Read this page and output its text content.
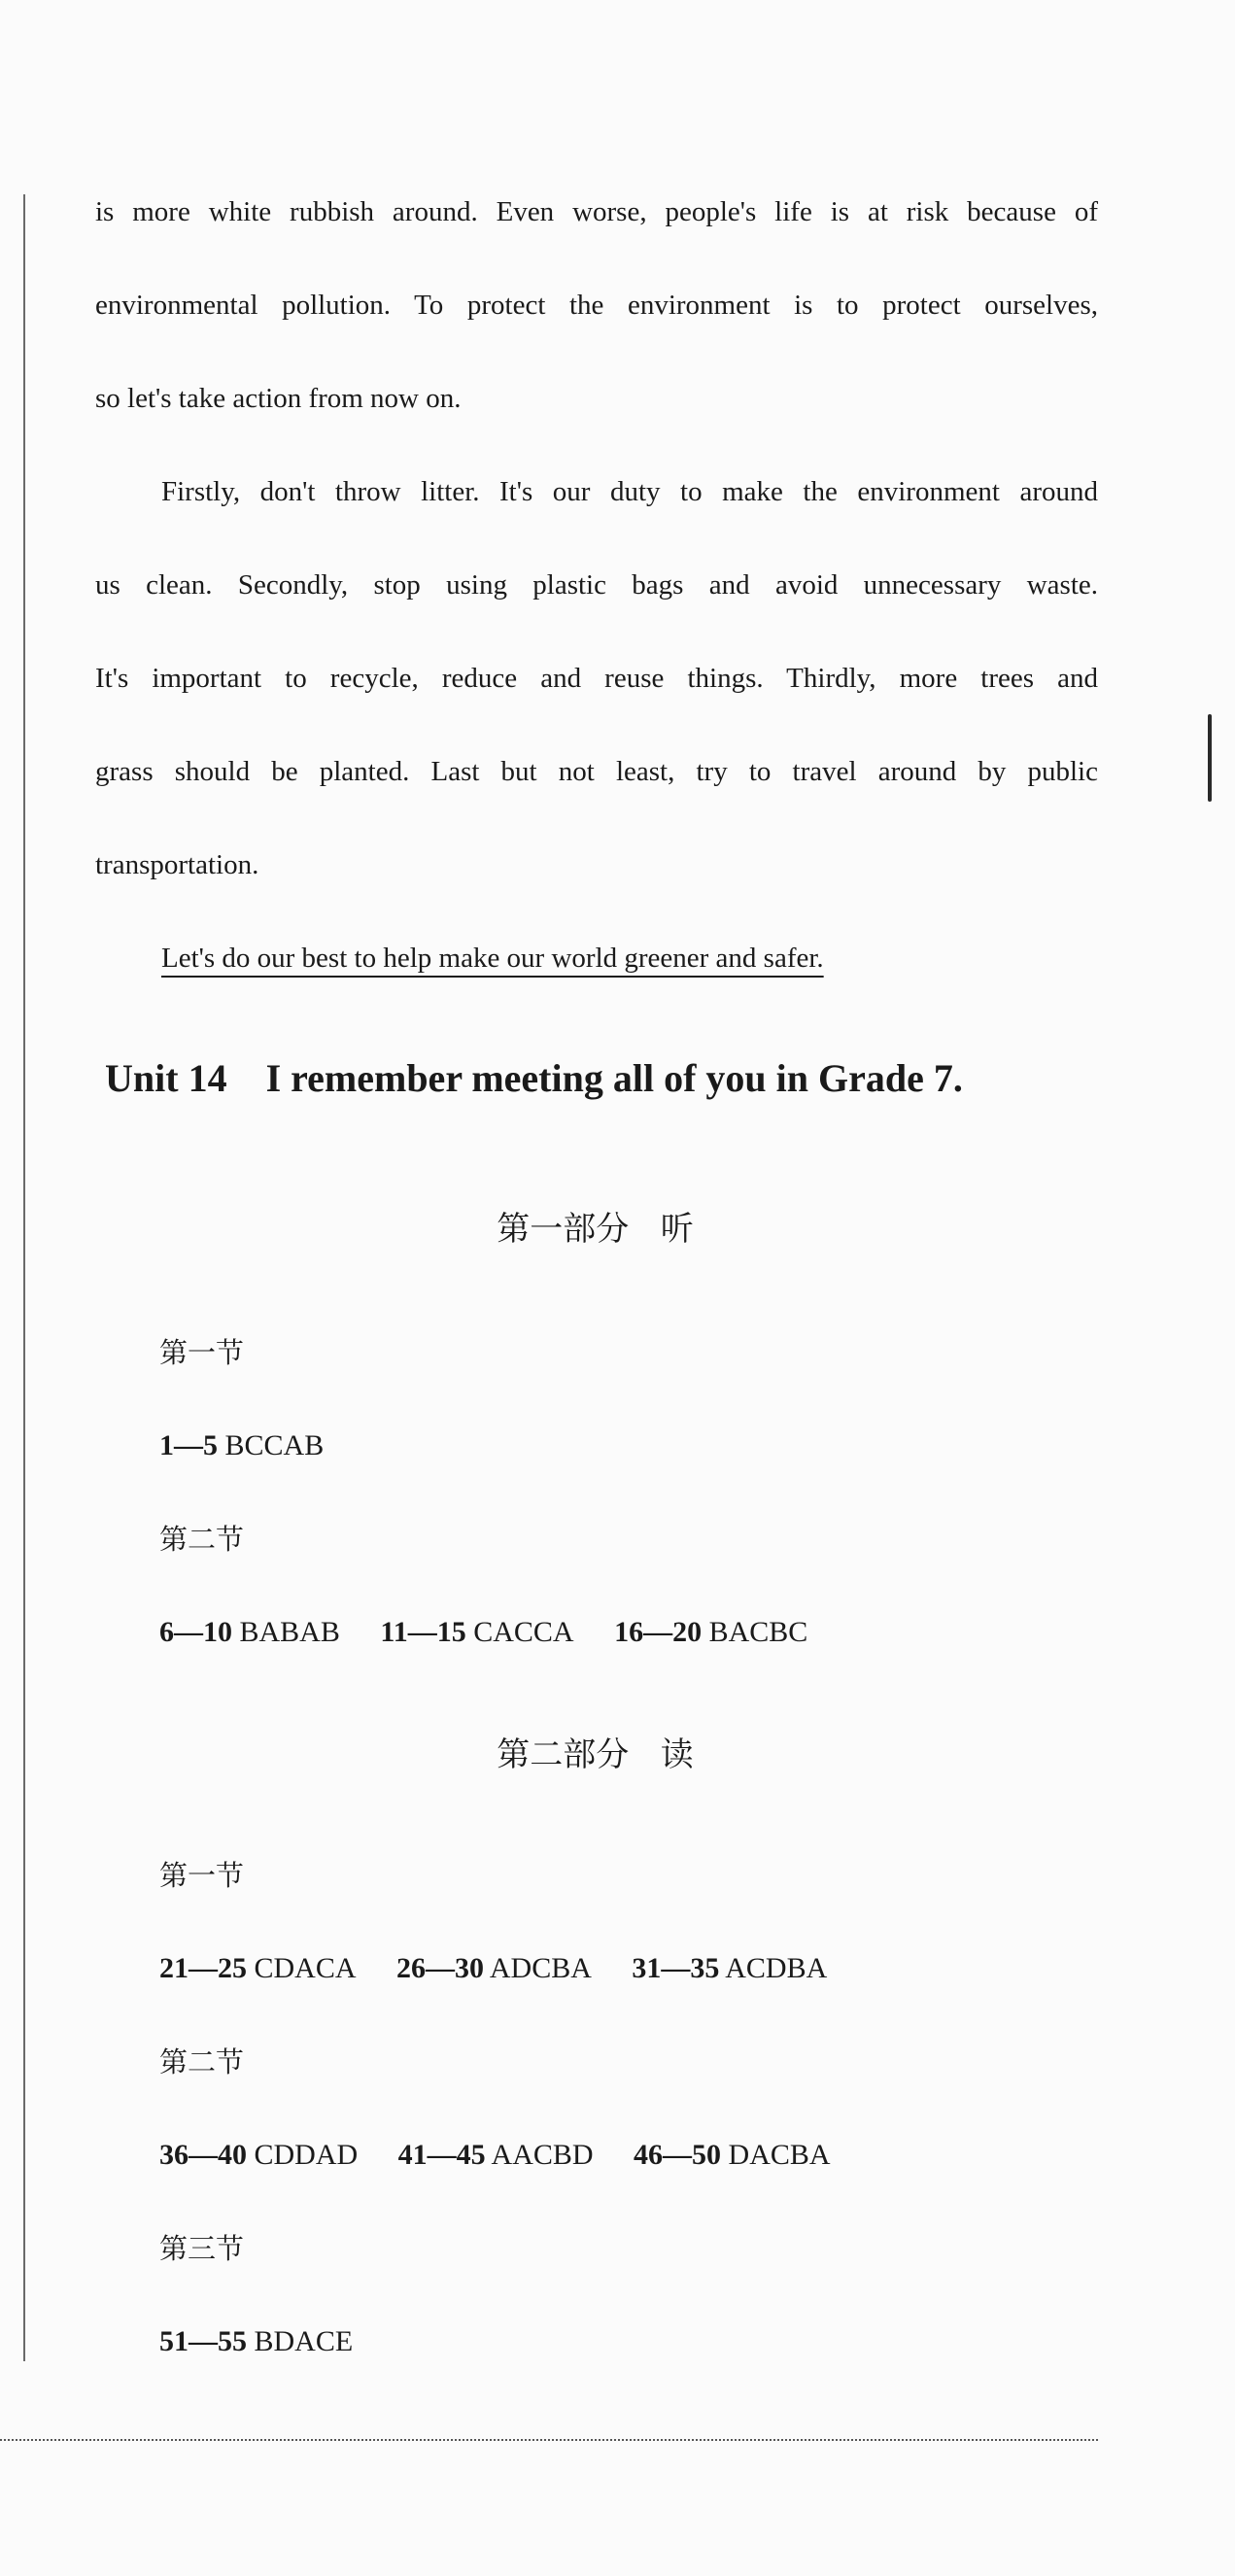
is more white rubbish around. Even worse, people's life is at risk because of
environmental pollution. To protect the environment is to protect ourselves,
so let's take action from now on.
Firstly, don't throw litter. It's our duty to make the environment around
us clean. Secondly, stop using plastic bags and avoid unnecessary waste.
It's important to recycle, reduce and reuse things. Thirdly, more trees and
grass should be planted. Last but not least, try to travel around by public
transportation.
Let's do our best to help make our world greener and safer.
Unit 14    I remember meeting all of you in Grade 7.
第一部分   听
第一节
1—5 BCCAB
第二节
6—10 BABAB 11—15 CACCA 16—20 BACBC
第二部分   读
第一节
21—25 CDACA 26—30 ADCBA 31—35 ACDBA
第二节
36—40 CDDAD 41—45 AACBD 46—50 DACBA
第三节
51—55 BDACE
